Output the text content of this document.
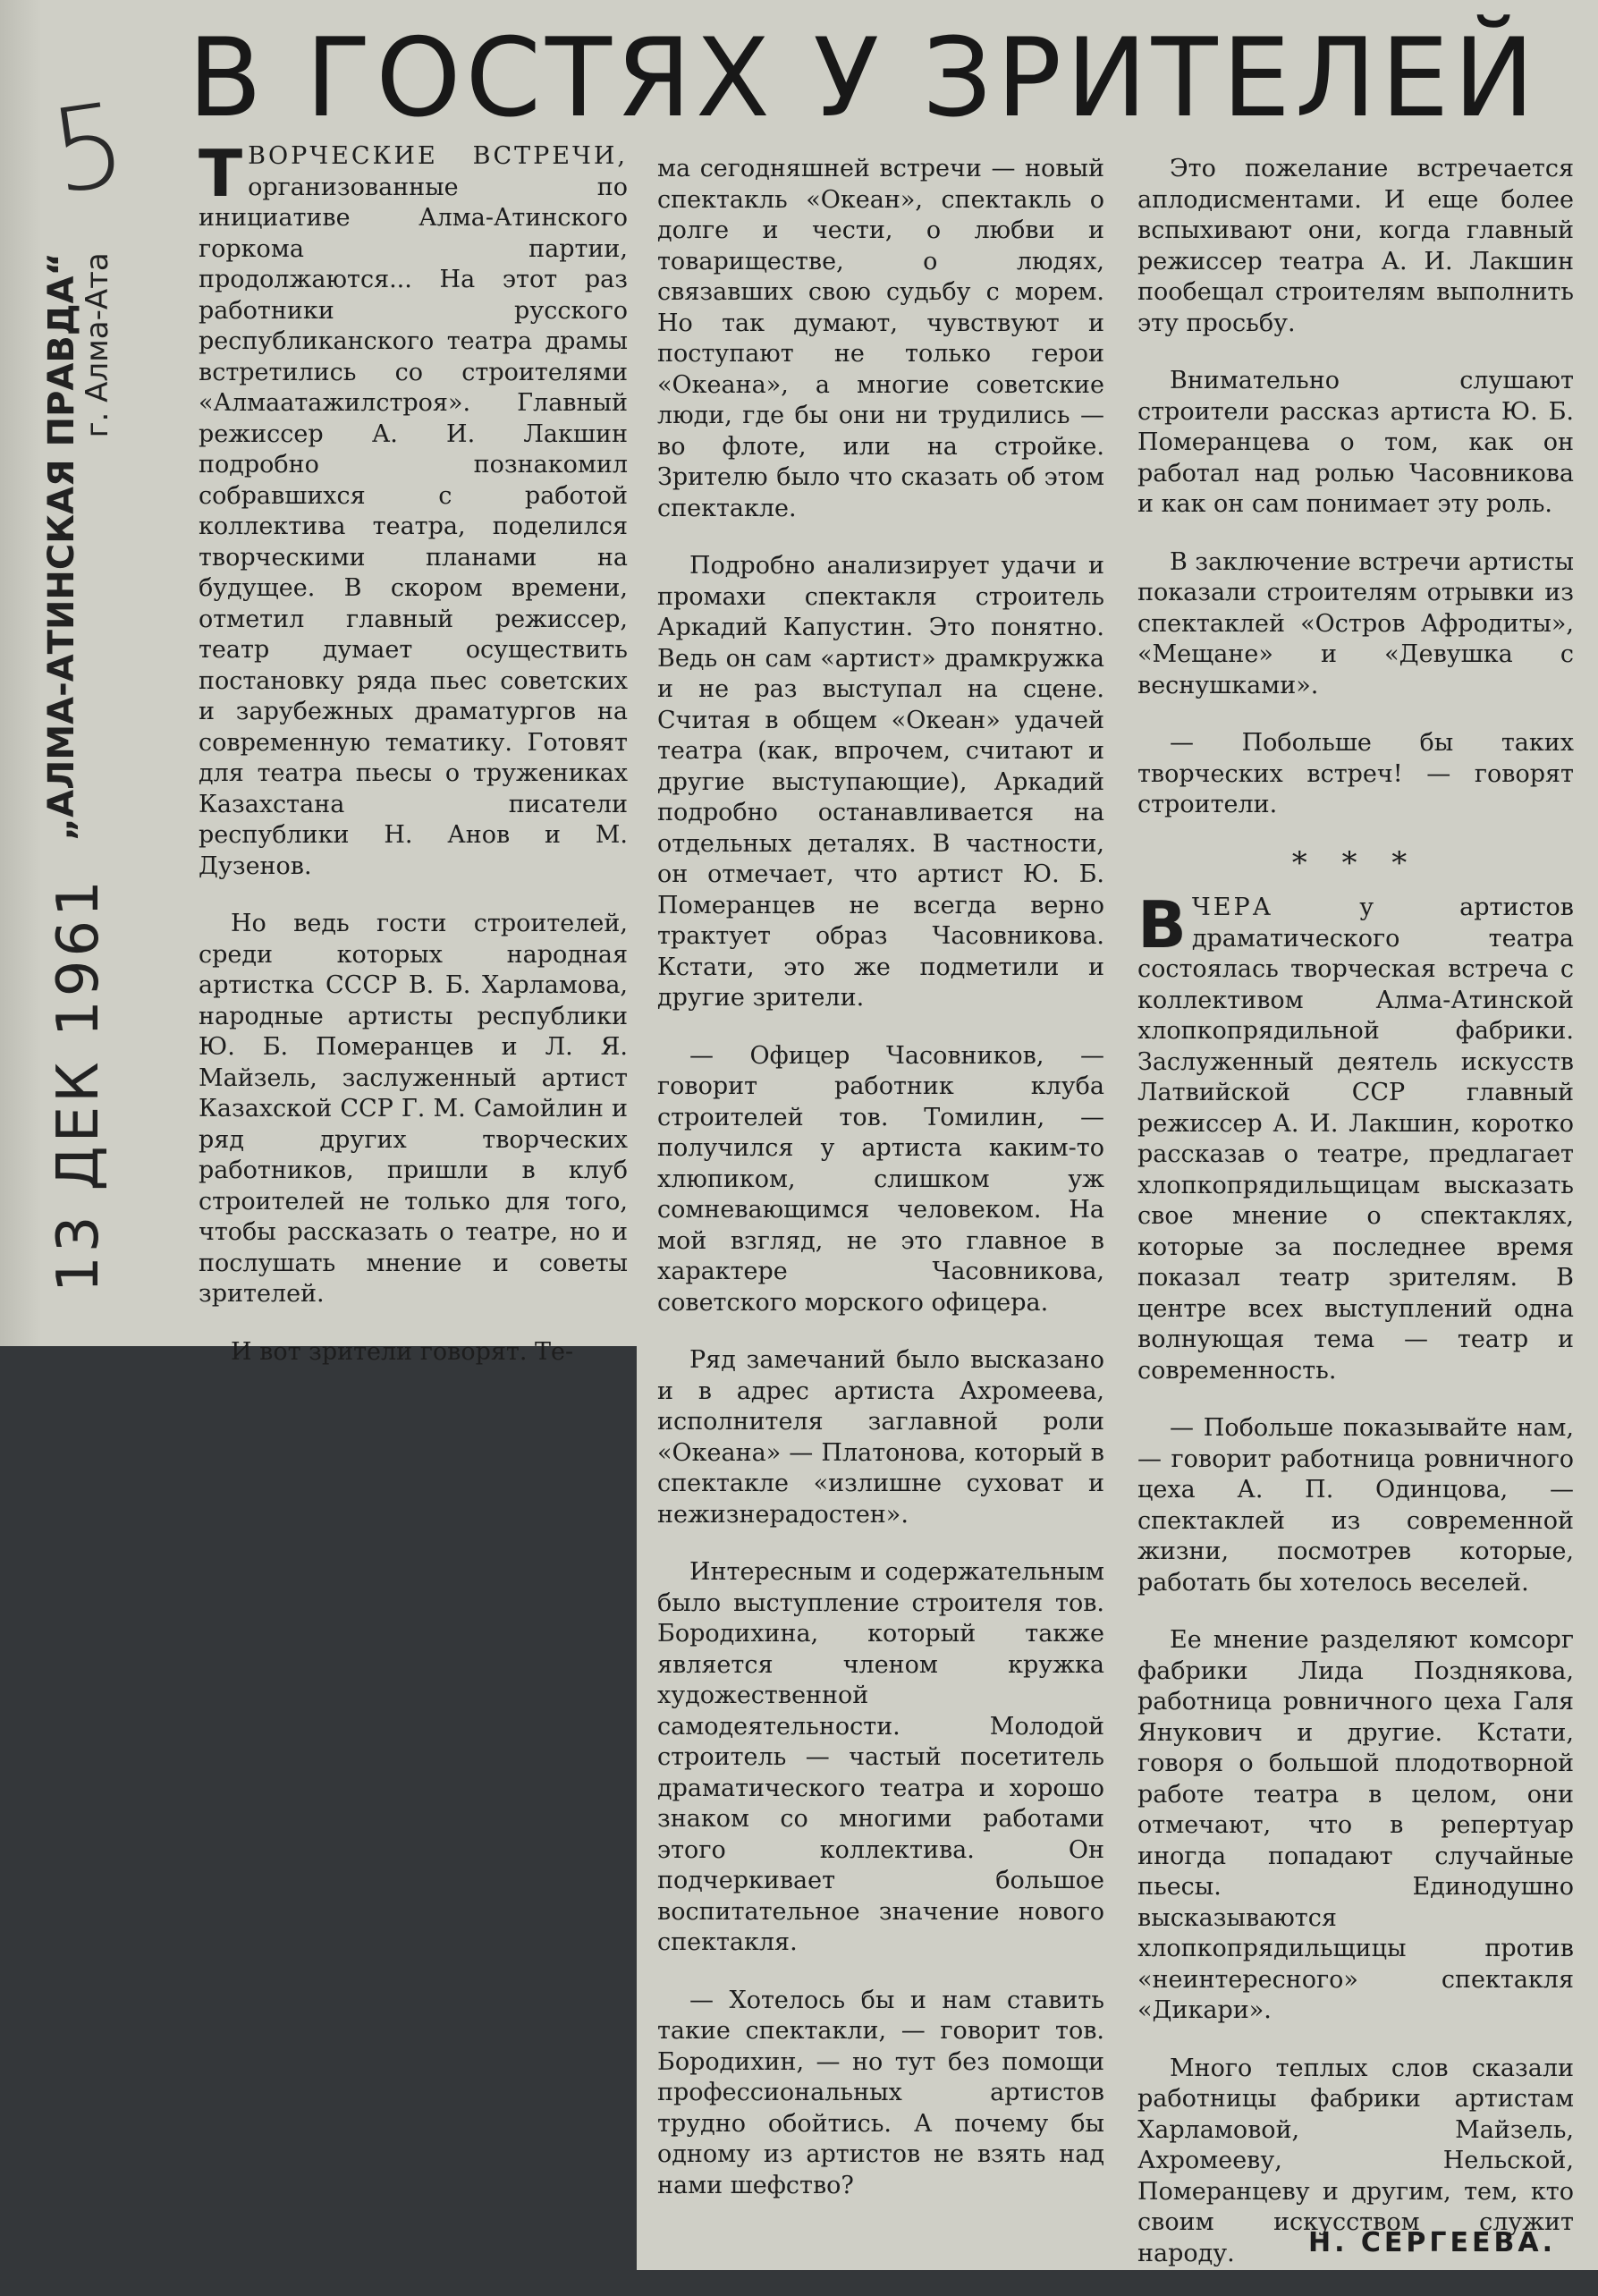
5
13 ДЕК 1961
„АЛМА-АТИНСКАЯ ПРАВДА“
г. Алма-Ата
В ГОСТЯХ У ЗРИТЕЛЕЙ

ТВОРЧЕСКИЕ ВСТРЕЧИ, организованные по инициативе Алма-Атинского горкома партии, продолжаются... На этот раз работники русского республиканского театра драмы встретились со строителями «Алмаатажилстроя». Главный режиссер А. И. Лакшин подробно познакомил собравшихся с работой коллектива театра, поделился творческими планами на будущее. В скором времени, отметил главный режиссер, театр думает осуществить постановку ряда пьес советских и зарубежных драматургов на современную тематику. Готовят для театра пьесы о тружениках Казахстана писатели республики Н. Анов и М. Дузенов.

Но ведь гости строителей, среди которых народная артистка СССР В. Б. Харламова, народные артисты республики Ю. Б. Померанцев и Л. Я. Майзель, заслуженный артист Казахской ССР Г. М. Самойлин и ряд других творческих работников, пришли в клуб строителей не только для того, чтобы рассказать о театре, но и послушать мнение и советы зрителей.

И вот зрители говорят. Те-

ма сегодняшней встречи — новый спектакль «Океан», спектакль о долге и чести, о любви и товариществе, о людях, связавших свою судьбу с морем. Но так думают, чувствуют и поступают не только герои «Океана», а многие советские люди, где бы они ни трудились — во флоте, или на стройке. Зрителю было что сказать об этом спектакле.

Подробно анализирует удачи и промахи спектакля строитель Аркадий Капустин. Это понятно. Ведь он сам «артист» драмкружка и не раз выступал на сцене. Считая в общем «Океан» удачей театра (как, впрочем, считают и другие выступающие), Аркадий подробно останавливается на отдельных деталях. В частности, он отмечает, что артист Ю. Б. Померанцев не всегда верно трактует образ Часовникова. Кстати, это же подметили и другие зрители.

— Офицер Часовников, — говорит работник клуба строителей тов. Томилин, — получился у артиста каким-то хлюпиком, слишком уж сомневающимся человеком. На мой взгляд, не это главное в характере Часовникова, советского морского офицера.

Ряд замечаний было высказано и в адрес артиста Ахромеева, исполнителя заглавной роли «Океана» — Платонова, который в спектакле «излишне суховат и нежизнерадостен».

Интересным и содержательным было выступление строителя тов. Бородихина, который также является членом кружка художественной самодеятельности. Молодой строитель — частый посетитель драматического театра и хорошо знаком со многими работами этого коллектива. Он подчеркивает большое воспитательное значение нового спектакля.

— Хотелось бы и нам ставить такие спектакли, — говорит тов. Бородихин, — но тут без помощи профессиональных артистов трудно обойтись. А почему бы одному из артистов не взять над нами шефство?

Это пожелание встречается аплодисментами. И еще более вспыхивают они, когда главный режиссер театра А. И. Лакшин пообещал строителям выполнить эту просьбу.

Внимательно слушают строители рассказ артиста Ю. Б. Померанцева о том, как он работал над ролью Часовникова и как он сам понимает эту роль.

В заключение встречи артисты показали строителям отрывки из спектаклей «Остров Афродиты», «Мещане» и «Девушка с веснушками».

— Побольше бы таких творческих встреч! — говорят строители.

* * *

ВЧЕРА	у артистов драматического театра состоялась творческая встреча с коллективом Алма-Атинской хлопкопрядильной фабрики. Заслуженный деятель искусств Латвийской ССР главный режиссер А. И. Лакшин, коротко рассказав о театре, предлагает хлопкопрядильщицам высказать свое мнение о спектаклях, которые за последнее время показал театр зрителям. В центре всех выступлений одна волнующая тема — театр и современность.

— Побольше показывайте нам, — говорит работница ровничного цеха А. П. Одинцова, — спектаклей из современной жизни, посмотрев которые, работать бы хотелось веселей.

Ее мнение разделяют комсорг фабрики Лида Позднякова, работница ровничного цеха Галя Янукович и другие. Кстати, говоря о большой плодотворной работе театра в целом, они отмечают, что в репертуар иногда попадают случайные пьесы. Единодушно высказываются хлопкопрядильщицы против «неинтересного» спектакля «Дикари».

Много теплых слов сказали работницы фабрики артистам Харламовой, Майзель, Ахромееву, Нельской, Померанцеву и другим, тем, кто своим искусством служит народу.	Н. СЕРГЕЕВА.
